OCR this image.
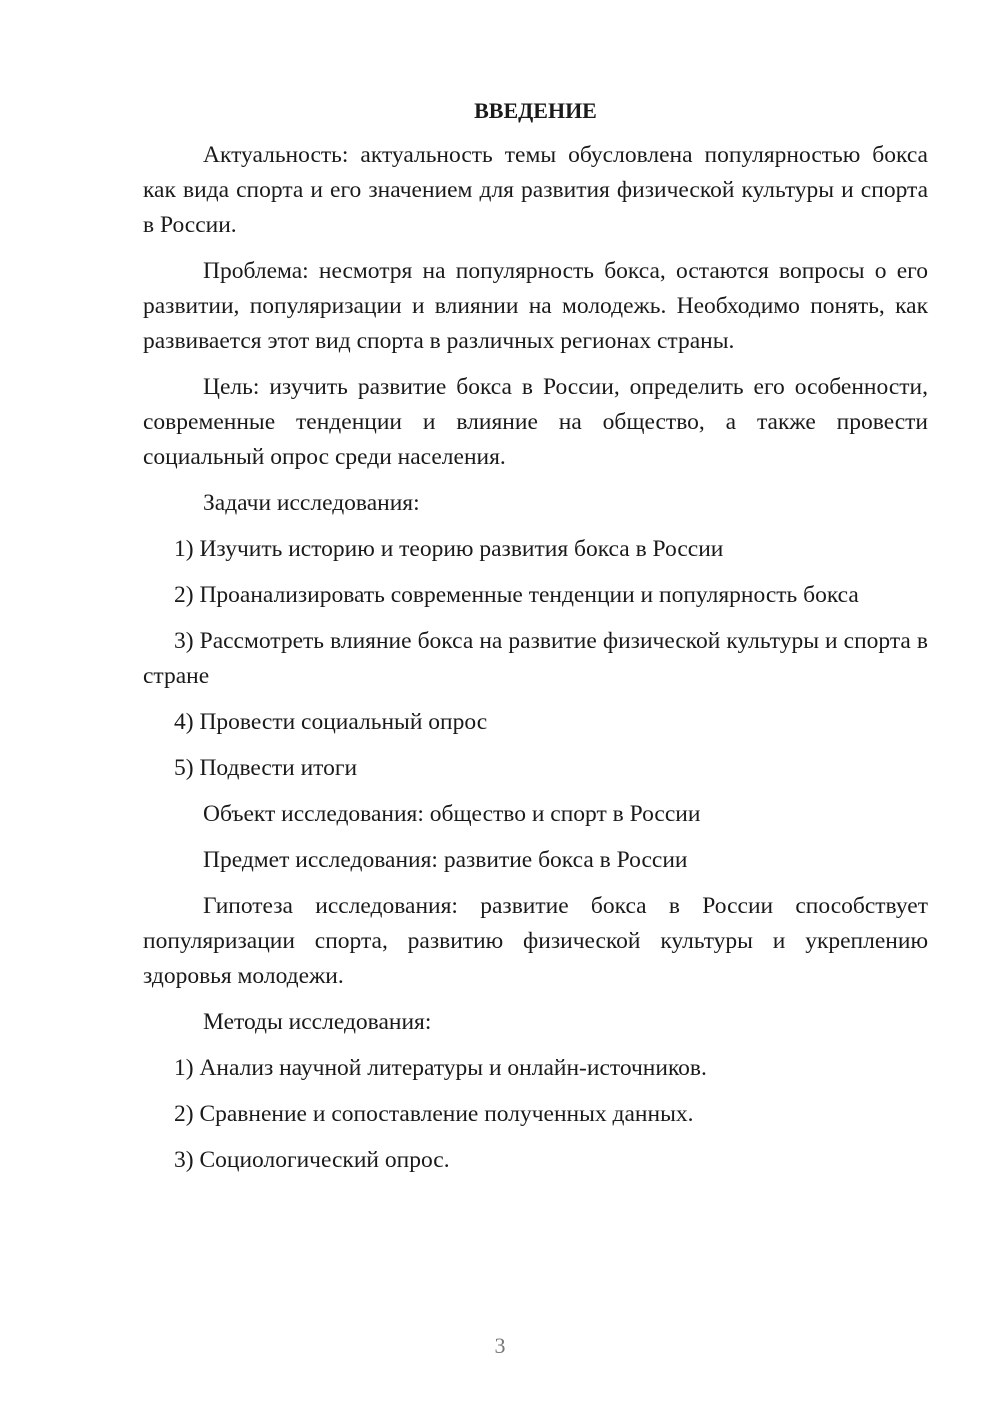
ВВЕДЕНИЕ

Актуальность: актуальность темы обусловлена популярностью бокса как вида спорта и его значением для развития физической культуры и спорта в России.

Проблема: несмотря на популярность бокса, остаются вопросы о его развитии, популяризации и влиянии на молодежь. Необходимо понять, как развивается этот вид спорта в различных регионах страны.

Цель: изучить развитие бокса в России, определить его особенности, современные тенденции и влияние на общество, а также провести социальный опрос среди населения.

Задачи исследования:

1) Изучить историю и теорию развития бокса в России

2) Проанализировать современные тенденции и популярность бокса

3) Рассмотреть влияние бокса на развитие физической культуры и спорта в стране

4) Провести социальный опрос

5) Подвести итоги

Объект исследования: общество и спорт в России

Предмет исследования: развитие бокса в России

Гипотеза исследования: развитие бокса в России способствует популяризации спорта, развитию физической культуры и укреплению здоровья молодежи.

Методы исследования:

1) Анализ научной литературы и онлайн-источников.

2) Сравнение и сопоставление полученных данных.

3) Социологический опрос.

3
